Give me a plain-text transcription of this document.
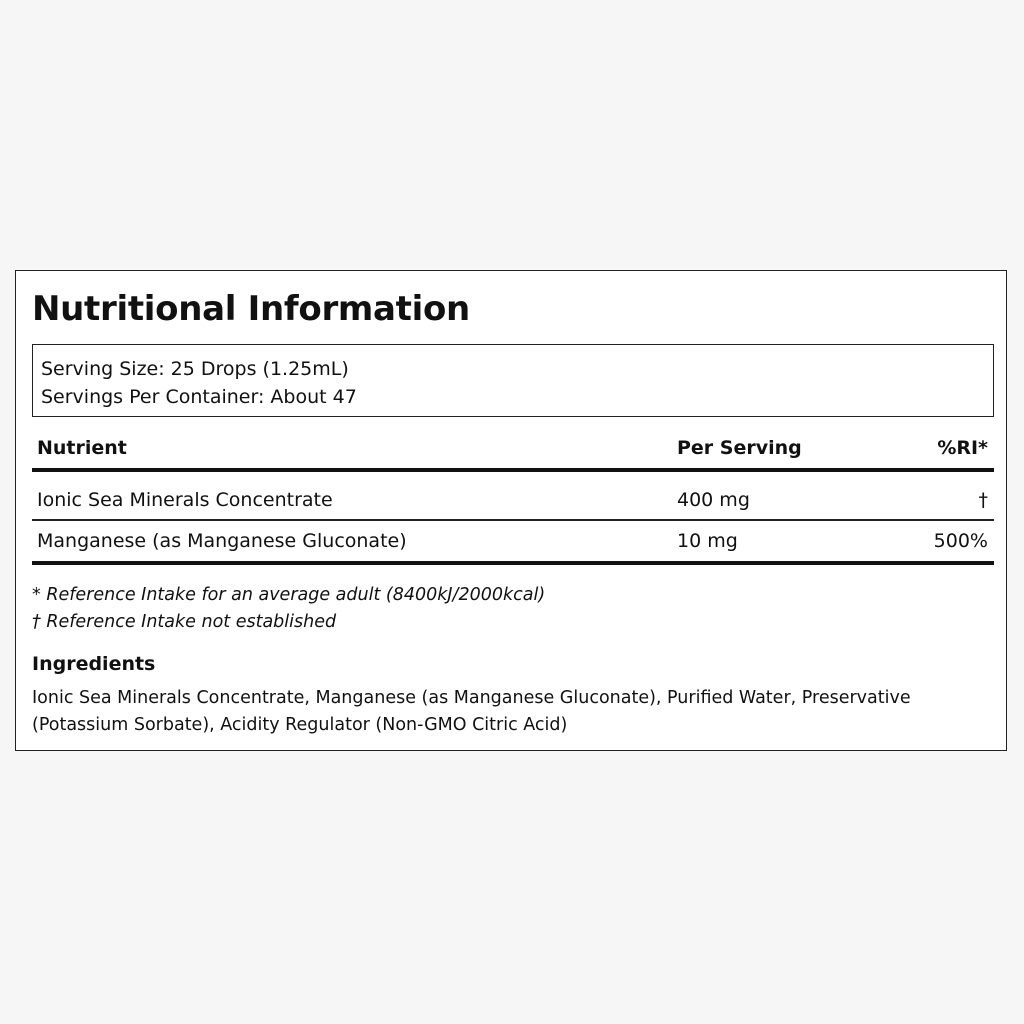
Nutritional Information
Serving Size: 25 Drops (1.25mL)
Servings Per Container: About 47
Nutrient	Per Serving	%RI*
Ionic Sea Minerals Concentrate	400 mg	†
Manganese (as Manganese Gluconate)	10 mg	500%
* Reference Intake for an average adult (8400kJ/2000kcal)
† Reference Intake not established
Ingredients
Ionic Sea Minerals Concentrate, Manganese (as Manganese Gluconate), Purified Water, Preservative
(Potassium Sorbate), Acidity Regulator (Non-GMO Citric Acid)
